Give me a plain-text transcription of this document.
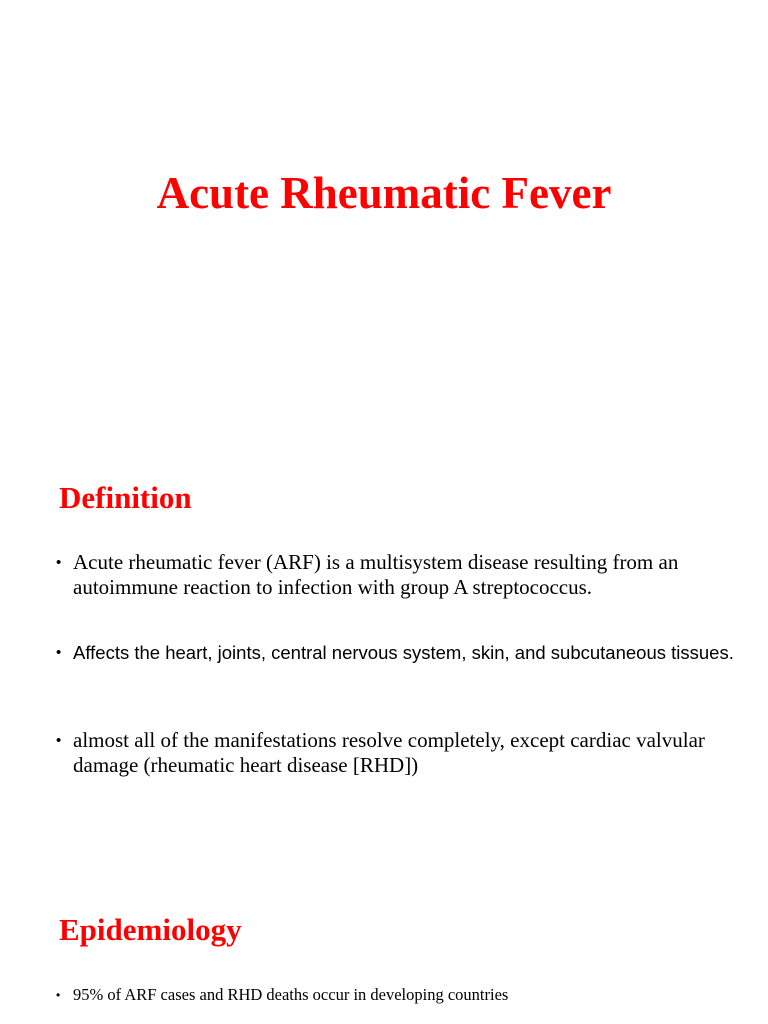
Acute Rheumatic Fever
Definition
• Acute rheumatic fever (ARF) is a multisystem disease resulting from an autoimmune reaction to infection with group A streptococcus.
• Affects the heart, joints, central nervous system, skin, and subcutaneous tissues.
• almost all of the manifestations resolve completely, except cardiac valvular damage (rheumatic heart disease [RHD])
Epidemiology
• 95% of ARF cases and RHD deaths occur in developing countries
